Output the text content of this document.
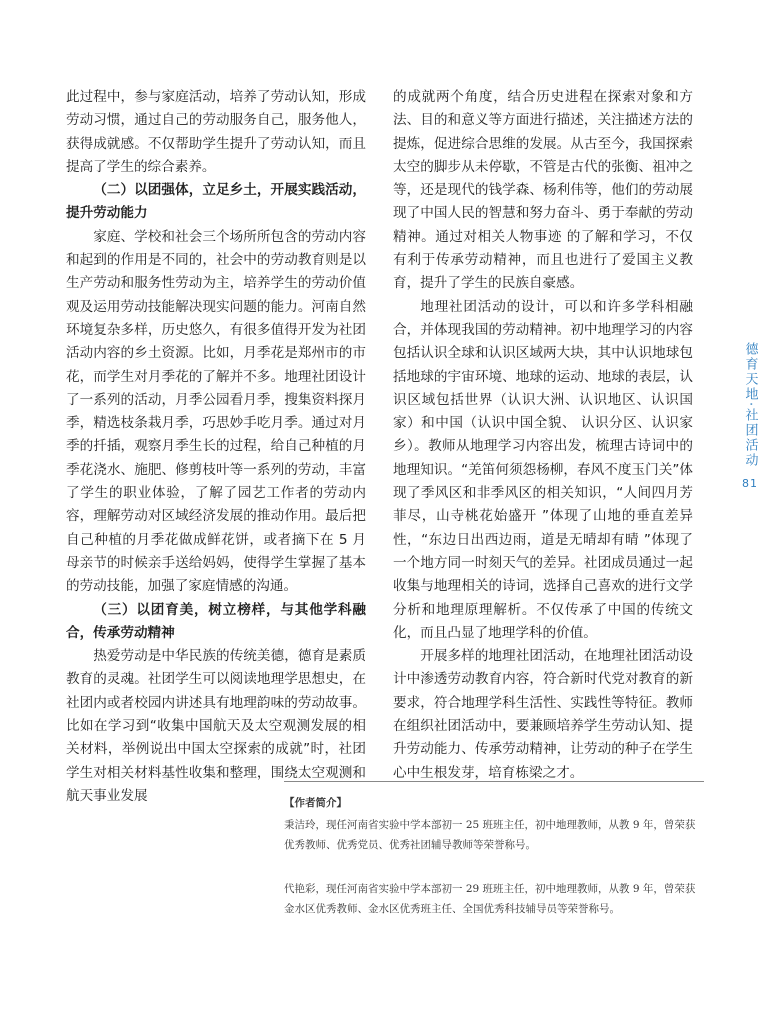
此过程中，参与家庭活动，培养了劳动认知，形成劳动习惯，通过自己的劳动服务自己，服务他人，获得成就感。不仅帮助学生提升了劳动认知，而且提高了学生的综合素养。

（二）以团强体，立足乡土，开展实践活动，提升劳动能力

家庭、学校和社会三个场所所包含的劳动内容和起到的作用是不同的，社会中的劳动教育则是以生产劳动和服务性劳动为主，培养学生的劳动价值观及运用劳动技能解决现实问题的能力。河南自然环境复杂多样，历史悠久，有很多值得开发为社团活动内容的乡土资源。比如，月季花是郑州市的市花，而学生对月季花的了解并不多。地理社团设计了一系列的活动，月季公园看月季，搜集资料探月季，精选枝条栽月季，巧思妙手吃月季。通过对月季的扦插，观察月季生长的过程，给自己种植的月季花浇水、施肥、修剪枝叶等一系列的劳动，丰富了学生的职业体验，了解了园艺工作者的劳动内容，理解劳动对区域经济发展的推动作用。最后把自己种植的月季花做成鲜花饼，或者摘下在 5 月母亲节的时候亲手送给妈妈，使得学生掌握了基本的劳动技能，加强了家庭情感的沟通。

（三）以团育美，树立榜样，与其他学科融合，传承劳动精神

热爱劳动是中华民族的传统美德，德育是素质教育的灵魂。社团学生可以阅读地理学思想史，在社团内或者校园内讲述具有地理韵味的劳动故事。比如在学习到“收集中国航天及太空观测发展的相关材料，举例说出中国太空探索的成就”时，社团学生对相关材料基性收集和整理，围绕太空观测和航天事业发展

的成就两个角度，结合历史进程在探索对象和方法、目的和意义等方面进行描述，关注描述方法的提炼，促进综合思维的发展。从古至今，我国探索太空的脚步从未停歇，不管是古代的张衡、祖冲之等，还是现代的钱学森、杨利伟等，他们的劳动展现了中国人民的智慧和努力奋斗、勇于奉献的劳动精神。通过对相关人物事迹 的了解和学习，不仅有利于传承劳动精神，而且也进行了爱国主义教育，提升了学生的民族自豪感。

地理社团活动的设计，可以和许多学科相融合，并体现我国的劳动精神。初中地理学习的内容包括认识全球和认识区域两大块，其中认识地球包括地球的宇宙环境、地球的运动、地球的表层，认识区域包括世界（认识大洲、认识地区、认识国家）和中国（认识中国全貌、 认识分区、认识家乡）。教师从地理学习内容出发，梳理古诗词中的地理知识。“羌笛何须怨杨柳，春风不度玉门关”体现了季风区和非季风区的相关知识，“人间四月芳菲尽，山寺桃花始盛开 ”体现了山地的垂直差异性，“东边日出西边雨，道是无晴却有晴 ”体现了一个地方同一时刻天气的差异。社团成员通过一起收集与地理相关的诗词，选择自己喜欢的进行文学分析和地理原理解析。不仅传承了中国的传统文化，而且凸显了地理学科的价值。

开展多样的地理社团活动，在地理社团活动设计中渗透劳动教育内容，符合新时代党对教育的新要求，符合地理学科生活性、实践性等特征。教师在组织社团活动中，要兼顾培养学生劳动认知、提升劳动能力、传承劳动精神，让劳动的种子在学生心中生根发芽，培育栋梁之才。

德育天地·社团活动
81
【作者简介】

秉洁玲，现任河南省实验中学本部初一 25 班班主任，初中地理教师，从教 9 年，曾荣获优秀教师、优秀党员、优秀社团辅导教师等荣誉称号。

代艳彩，现任河南省实验中学本部初一 29 班班主任，初中地理教师，从教 9 年，曾荣获金水区优秀教师、金水区优秀班主任、全国优秀科技辅导员等荣誉称号。
